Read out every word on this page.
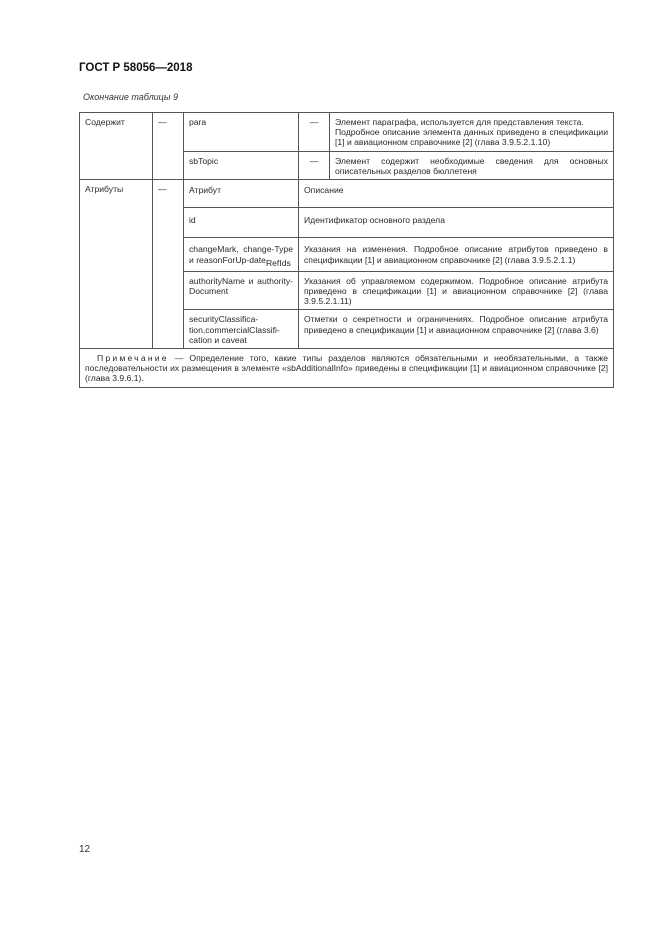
ГОСТ Р 58056—2018
Окончание таблицы 9
Содержит	—	para	—	Элемент параграфа, используется для представления текста.
Подробное описание элемента данных приведено в спецификации [1] и авиационном справочнике [2] (глава 3.9.5.2.1.10)

		sbTopic	—	Элемент содержит необходимые сведения для основных описательных разделов бюллетеня
Атрибуты	—	Атрибут	Описание	
		id	Идентификатор основного раздела	
		changeMark, change-Type и reasonForUp-dateRefIds	Указания на изменения. Подробное описание атрибутов приведено в спецификации [1] и авиационном справочнике [2] (глава 3.9.5.2.1.1)	
		authorityName и authority-Document	Указания об управляемом содержимом. Подробное описание атрибута приведено в спецификации [1] и авиационном справочнике [2] (глава 3.9.5.2.1.11)	
		securityClassifica-tion,commercialClassifi-cation и caveat	Отметки о секретности и ограничениях. Подробное описание атрибута приведено в спецификации [1] и авиационном справочнике [2] (глава 3.6)	
Примечание — Определение того, какие типы разделов являются обязательными и необязательными, а также последовательности их размещения в элементе «sbAdditionalInfo» приведены в спецификации [1] и авиационном справочнике [2] (глава 3.9.6.1).				
12
